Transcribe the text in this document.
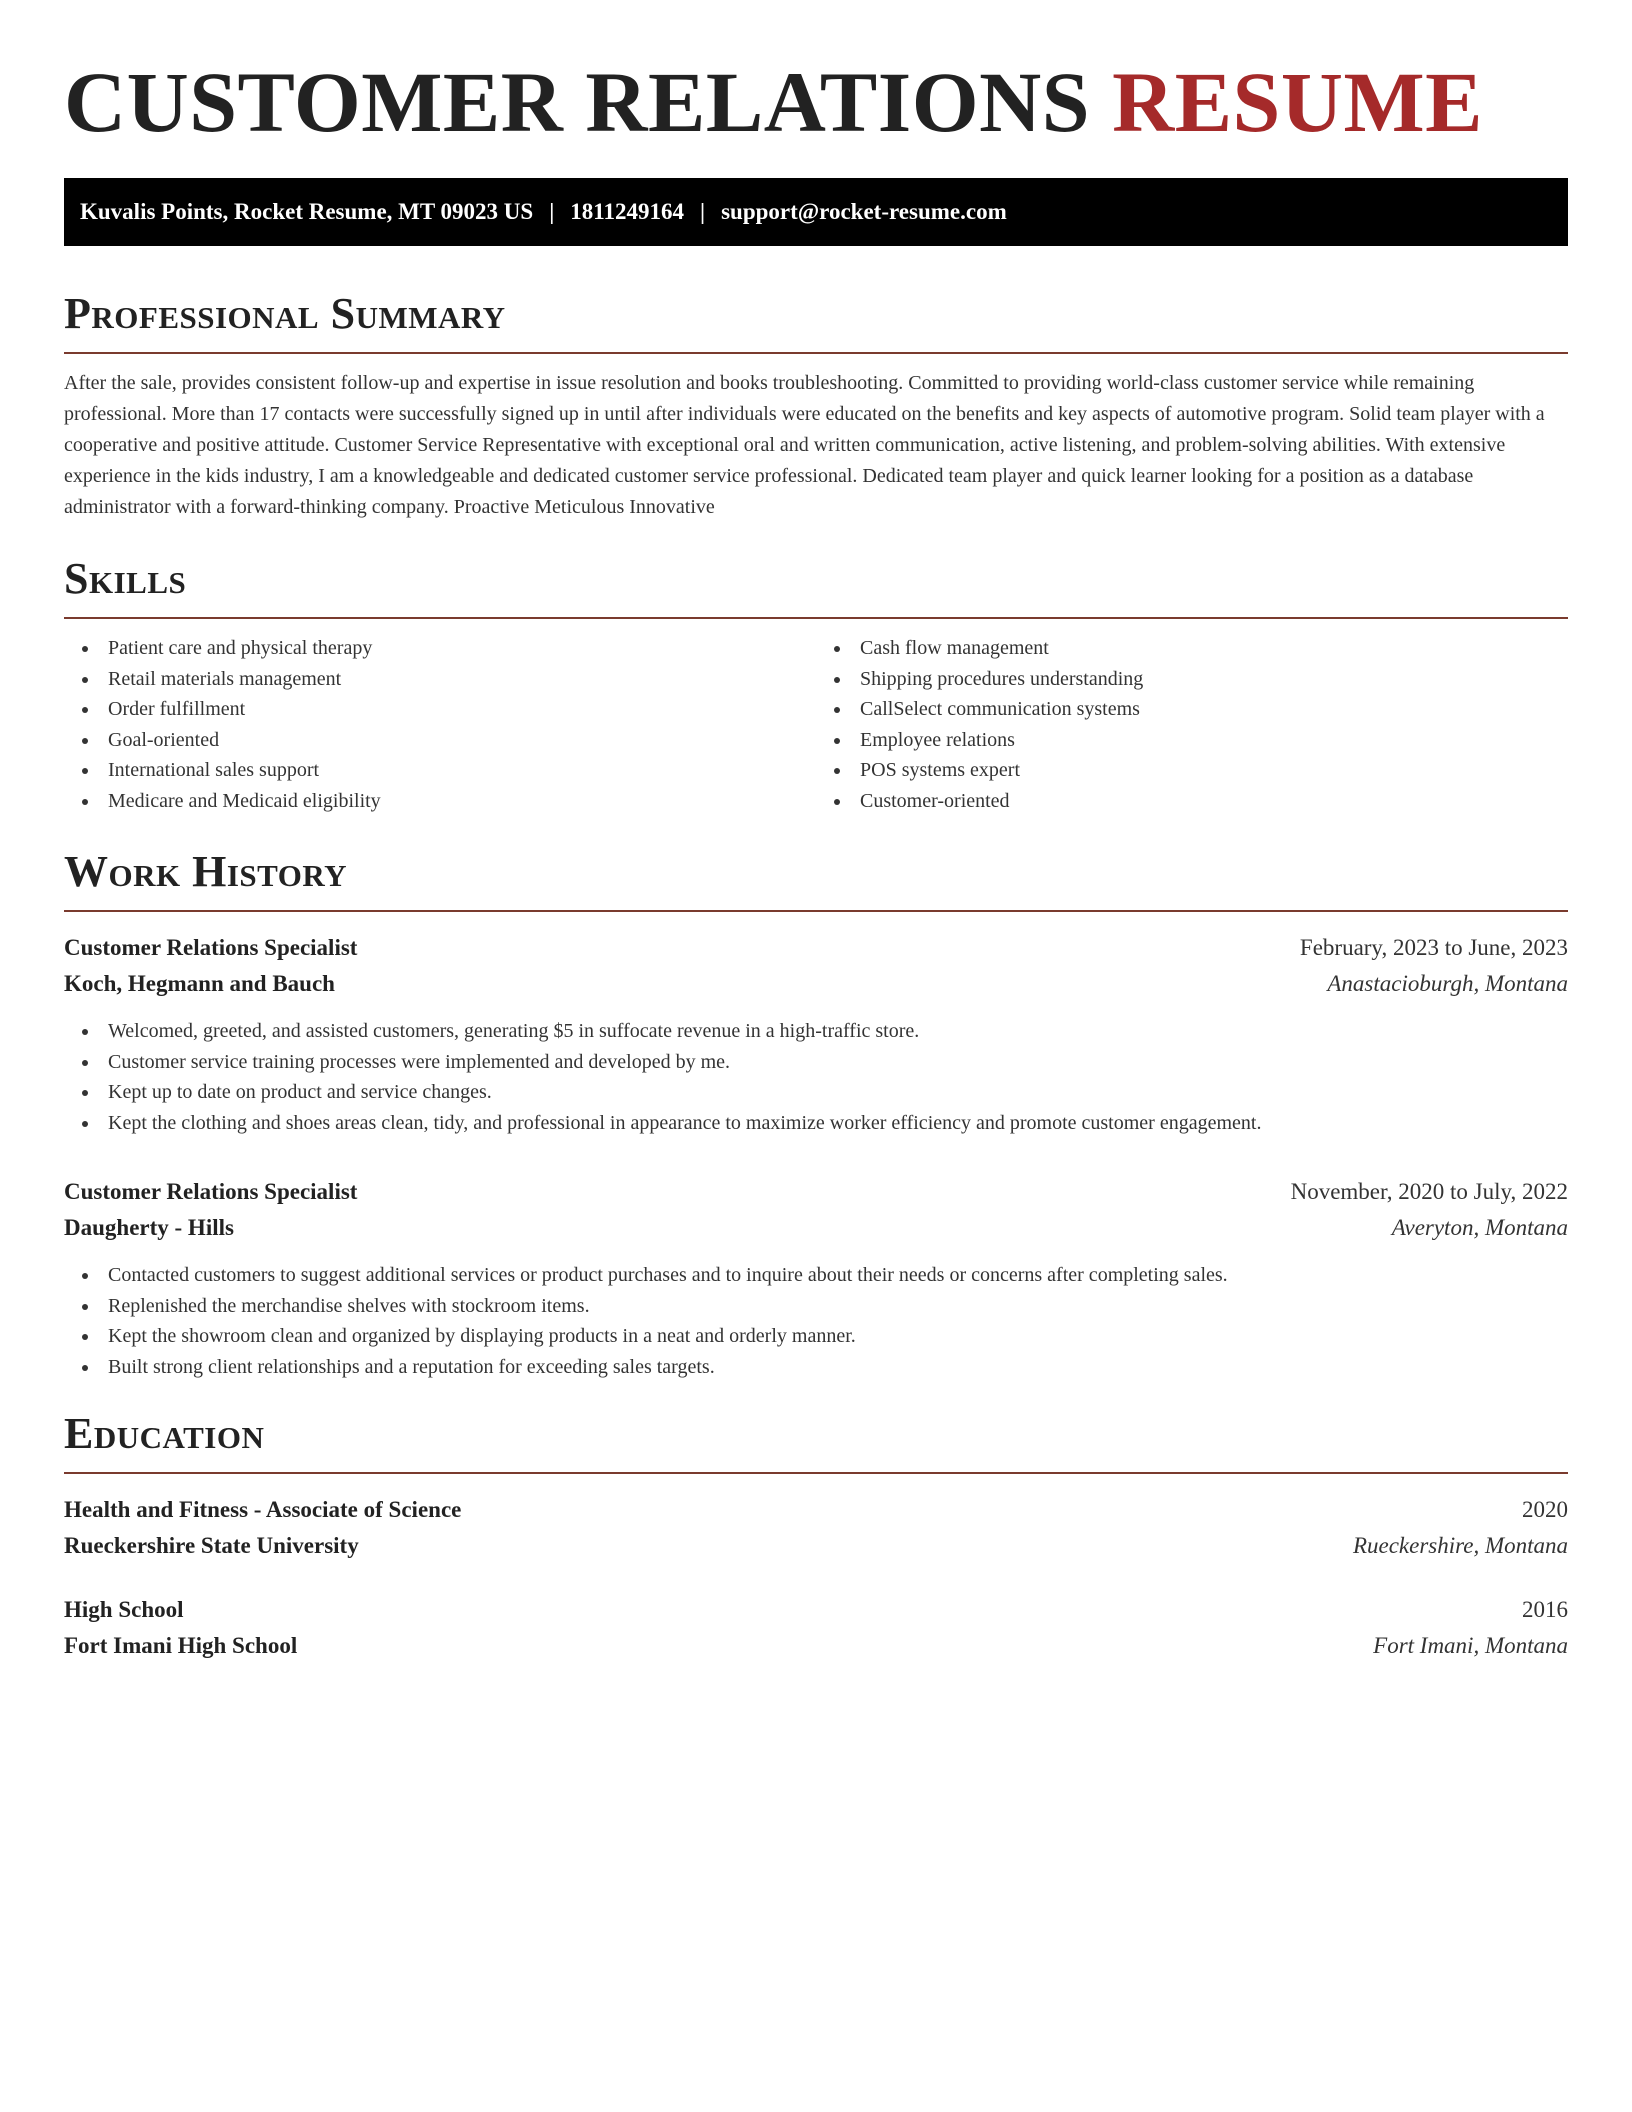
CUSTOMER RELATIONS RESUME
Kuvalis Points, Rocket Resume, MT 09023 US | 1811249164 | support@rocket-resume.com
Professional Summary
After the sale, provides consistent follow-up and expertise in issue resolution and books troubleshooting. Committed to providing world-class customer service while remaining professional. More than 17 contacts were successfully signed up in until after individuals were educated on the benefits and key aspects of automotive program. Solid team player with a cooperative and positive attitude. Customer Service Representative with exceptional oral and written communication, active listening, and problem-solving abilities. With extensive experience in the kids industry, I am a knowledgeable and dedicated customer service professional. Dedicated team player and quick learner looking for a position as a database administrator with a forward-thinking company. Proactive Meticulous Innovative
Skills
Patient care and physical therapy
Retail materials management
Order fulfillment
Goal-oriented
International sales support
Medicare and Medicaid eligibility
Cash flow management
Shipping procedures understanding
CallSelect communication systems
Employee relations
POS systems expert
Customer-oriented
Work History
Customer Relations Specialist	February, 2023 to June, 2023
Koch, Hegmann and Bauch	Anastacioburgh, Montana
Welcomed, greeted, and assisted customers, generating $5 in suffocate revenue in a high-traffic store.
Customer service training processes were implemented and developed by me.
Kept up to date on product and service changes.
Kept the clothing and shoes areas clean, tidy, and professional in appearance to maximize worker efficiency and promote customer engagement.
Customer Relations Specialist	November, 2020 to July, 2022
Daugherty - Hills	Averyton, Montana
Contacted customers to suggest additional services or product purchases and to inquire about their needs or concerns after completing sales.
Replenished the merchandise shelves with stockroom items.
Kept the showroom clean and organized by displaying products in a neat and orderly manner.
Built strong client relationships and a reputation for exceeding sales targets.
Education
Health and Fitness - Associate of Science	2020
Rueckershire State University	Rueckershire, Montana
High School	2016
Fort Imani High School	Fort Imani, Montana
